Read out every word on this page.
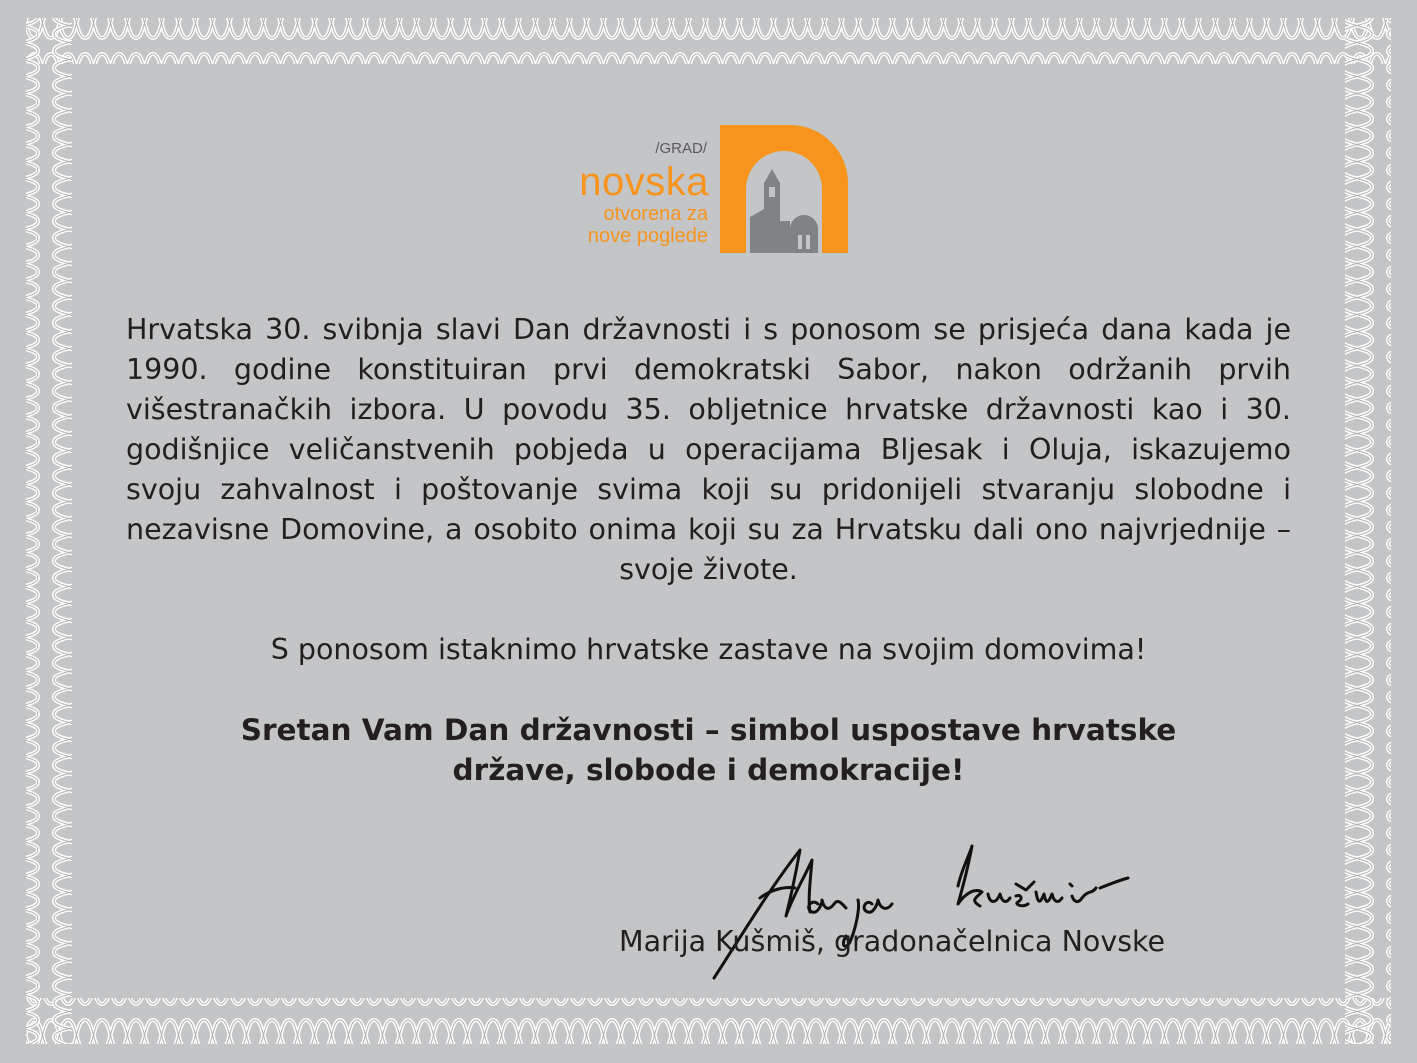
/GRAD/
novska
otvorena za
nove poglede
Hrvatska 30. svibnja slavi Dan državnosti i s ponosom se prisjeća dana kada je 1990. godine konstituiran prvi demokratski Sabor, nakon održanih prvih višestranačkih izbora. U povodu 35. obljetnice hrvatske državnosti kao i 30. godišnjice veličanstvenih pobjeda u operacijama Bljesak i Oluja, iskazujemo svoju zahvalnost i poštovanje svima koji su pridonijeli stvaranju slobodne i nezavisne Domovine, a osobito onima koji su za Hrvatsku dali ono najvrjednije – svoje živote.
S ponosom istaknimo hrvatske zastave na svojim domovima!
Sretan Vam Dan državnosti – simbol uspostave hrvatske
države, slobode i demokracije!
Marija Kušmiš, gradonačelnica Novske
